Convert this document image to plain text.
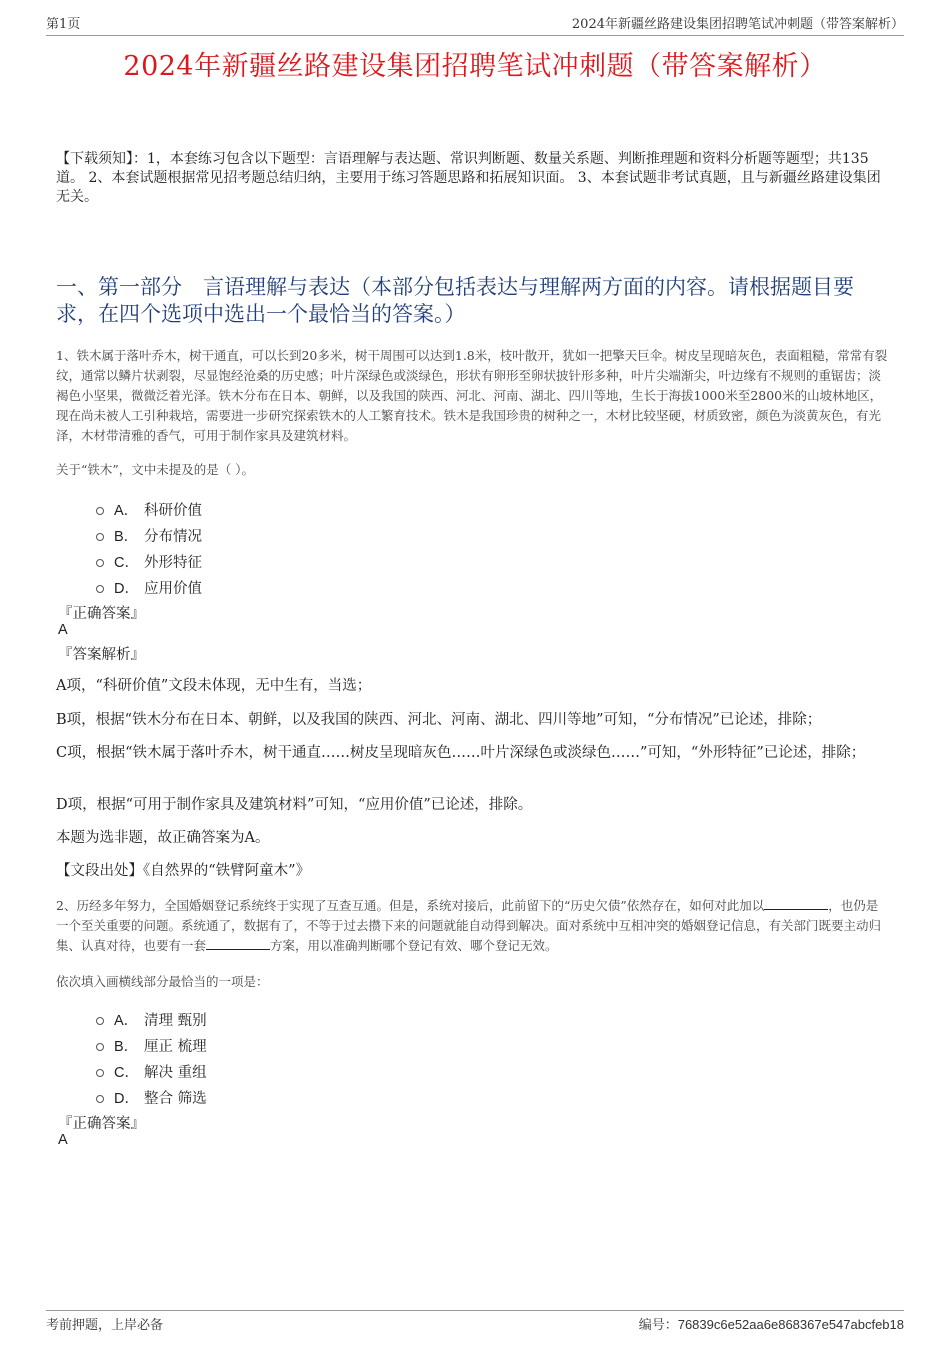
第1页	2024年新疆丝路建设集团招聘笔试冲刺题（带答案解析）
2024年新疆丝路建设集团招聘笔试冲刺题（带答案解析）
【下载须知】：1，本套练习包含以下题型：言语理解与表达题、常识判断题、数量关系题、判断推理题和资料分析题等题型；共135道。 2、本套试题根据常见招考题总结归纳，主要用于练习答题思路和拓展知识面。 3、本套试题非考试真题，且与新疆丝路建设集团无关。
一、第一部分　言语理解与表达（本部分包括表达与理解两方面的内容。请根据题目要求，在四个选项中选出一个最恰当的答案。）
1、铁木属于落叶乔木，树干通直，可以长到20多米，树干周围可以达到1.8米，枝叶散开，犹如一把擎天巨伞。树皮呈现暗灰色，表面粗糙，常常有裂纹，通常以鳞片状剥裂，尽显饱经沧桑的历史感；叶片深绿色或淡绿色，形状有卵形至卵状披针形多种，叶片尖端渐尖，叶边缘有不规则的重锯齿；淡褐色小坚果，微微泛着光泽。铁木分布在日本、朝鲜，以及我国的陕西、河北、河南、湖北、四川等地，生长于海拔1000米至2800米的山坡林地区，现在尚未被人工引种栽培，需要进一步研究探索铁木的人工繁育技术。铁木是我国珍贵的树种之一，木材比较坚硬，材质致密，颜色为淡黄灰色，有光泽，木材带清雅的香气，可用于制作家具及建筑材料。
关于“铁木”，文中未提及的是（ ）。
A． 科研价值
B． 分布情况
C． 外形特征
D． 应用价值
『正确答案』
A
『答案解析』
A项，“科研价值”文段未体现，无中生有，当选；
B项，根据“铁木分布在日本、朝鲜，以及我国的陕西、河北、河南、湖北、四川等地”可知，“分布情况”已论述，排除；
C项，根据“铁木属于落叶乔木，树干通直……树皮呈现暗灰色……叶片深绿色或淡绿色……”可知，“外形特征”已论述，排除；
D项，根据“可用于制作家具及建筑材料”可知，“应用价值”已论述，排除。
本题为选非题，故正确答案为A。
【文段出处】《自然界的“铁臂阿童木”》
2、历经多年努力，全国婚姻登记系统终于实现了互查互通。但是，系统对接后，此前留下的“历史欠债”依然存在，如何对此加以	，也仍是一个至关重要的问题。系统通了，数据有了，不等于过去攒下来的问题就能自动得到解决。面对系统中互相冲突的婚姻登记信息，有关部门既要主动归集、认真对待，也要有一套	方案，用以准确判断哪个登记有效、哪个登记无效。
依次填入画横线部分最恰当的一项是：
A． 清理 甄别
B． 厘正 梳理
C． 解决 重组
D． 整合 筛选
『正确答案』
A
考前押题，上岸必备	编号：76839c6e52aa6e868367e547abcfeb18
